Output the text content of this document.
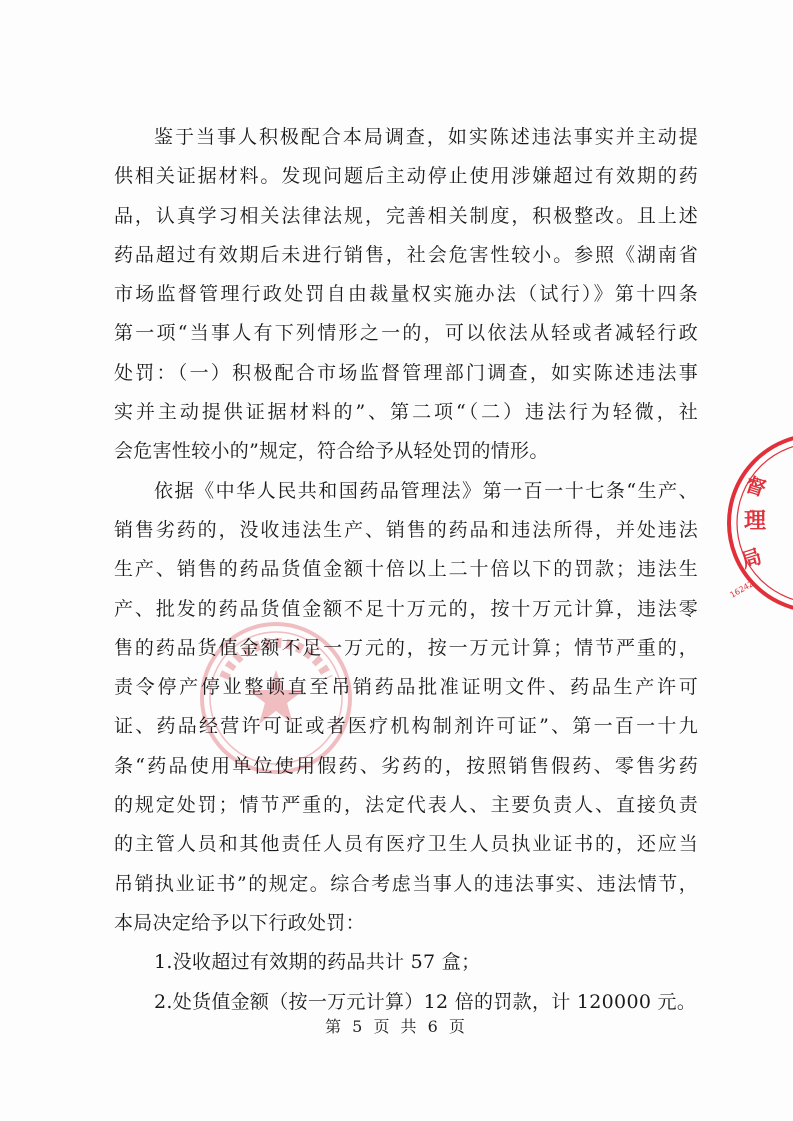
督
理
局
16242
鉴于当事人积极配合本局调查，如实陈述违法事实并主动提
供相关证据材料。发现问题后主动停止使用涉嫌超过有效期的药
品，认真学习相关法律法规，完善相关制度，积极整改。且上述
药品超过有效期后未进行销售，社会危害性较小。参照《湖南省
市场监督管理行政处罚自由裁量权实施办法（试行）》第十四条
第一项“当事人有下列情形之一的，可以依法从轻或者减轻行政
处罚：（一）积极配合市场监督管理部门调查，如实陈述违法事
实并主动提供证据材料的”、第二项“（二）违法行为轻微，社
会危害性较小的”规定，符合给予从轻处罚的情形。
依据《中华人民共和国药品管理法》第一百一十七条“生产、
销售劣药的，没收违法生产、销售的药品和违法所得，并处违法
生产、销售的药品货值金额十倍以上二十倍以下的罚款；违法生
产、批发的药品货值金额不足十万元的，按十万元计算，违法零
售的药品货值金额不足一万元的，按一万元计算；情节严重的，
责令停产停业整顿直至吊销药品批准证明文件、药品生产许可
证、药品经营许可证或者医疗机构制剂许可证”、第一百一十九
条“药品使用单位使用假药、劣药的，按照销售假药、零售劣药
的规定处罚；情节严重的，法定代表人、主要负责人、直接负责
的主管人员和其他责任人员有医疗卫生人员执业证书的，还应当
吊销执业证书”的规定。综合考虑当事人的违法事实、违法情节，
本局决定给予以下行政处罚：
1.没收超过有效期的药品共计 57 盒；
2.处货值金额（按一万元计算）12 倍的罚款，计 120000 元。
第 5 页 共 6 页
